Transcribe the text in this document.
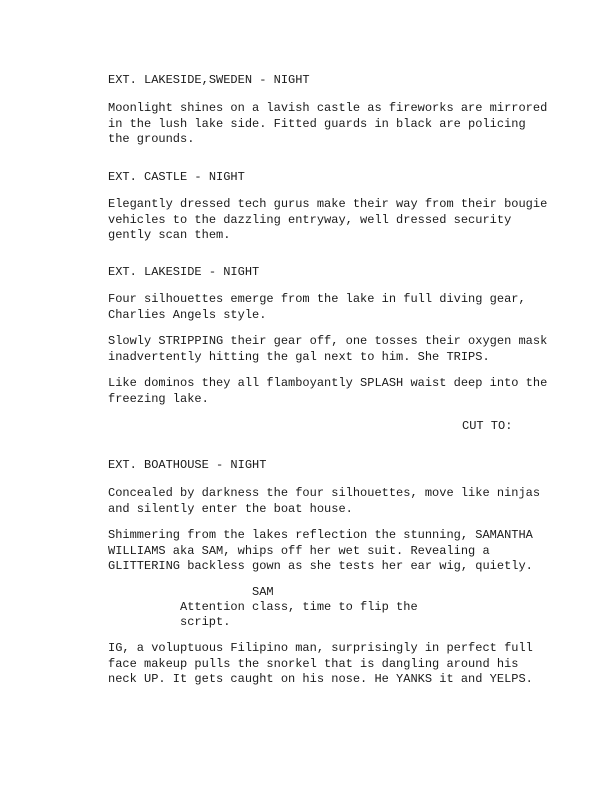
EXT. LAKESIDE,SWEDEN - NIGHT
Moonlight shines on a lavish castle as fireworks are mirrored
in the lush lake side. Fitted guards in black are policing
the grounds.
EXT. CASTLE - NIGHT
Elegantly dressed tech gurus make their way from their bougie
vehicles to the dazzling entryway, well dressed security
gently scan them.
EXT. LAKESIDE - NIGHT
Four silhouettes emerge from the lake in full diving gear,
Charlies Angels style.
Slowly STRIPPING their gear off, one tosses their oxygen mask
inadvertently hitting the gal next to him. She TRIPS.
Like dominos they all flamboyantly SPLASH waist deep into the
freezing lake.
CUT TO:
EXT. BOATHOUSE - NIGHT
Concealed by darkness the four silhouettes, move like ninjas
and silently enter the boat house.
Shimmering from the lakes reflection the stunning, SAMANTHA
WILLIAMS aka SAM, whips off her wet suit. Revealing a
GLITTERING backless gown as she tests her ear wig, quietly.
SAM
Attention class, time to flip the
script.
IG, a voluptuous Filipino man, surprisingly in perfect full
face makeup pulls the snorkel that is dangling around his
neck UP. It gets caught on his nose. He YANKS it and YELPS.
